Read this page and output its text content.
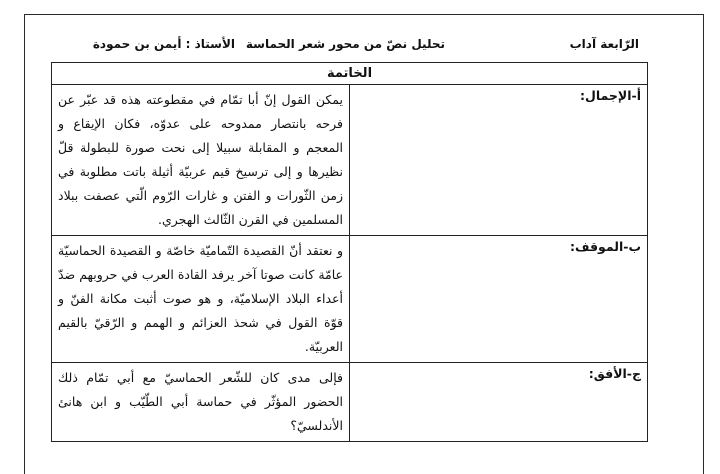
الرّابعة آداب
تحليل نصّ من محور شعر الحماسة
الأستاذ : أيمن بن حمودة
الخاتمة	
أ-الإجمال:	يمكن القول إنّ أبا تمّام في مقطوعته هذه قد عبّر عن فرحه بانتصار ممدوحه على عدوّه، فكان الإيقاع و المعجم و المقابلة سبيلا إلى نحت صورة للبطولة قلّ نظيرها و إلى ترسيخ قيم عربيّة أثيلة باتت مطلوبة في زمن الثّورات و الفتن و غارات الرّوم الّتي عصفت ببلاد المسلمين في القرن الثّالث الهجري.
ب-الموقف:	و نعتقد أنّ القصيدة التّماميّة خاصّة و القصيدة الحماسيّة عامّة كانت صوتا آخر يرفد القادة العرب في حروبهم ضدّ أعداء البلاد الإسلاميّة، و هو صوت أثبت مكانة الفنّ و قوّة القول في شحذ العزائم و الهمم و الرّقيّ بالقيم العربيّة.
ج-الأفق:	فإلى مدى كان للشّعر الحماسيّ مع أبي تمّام ذلك الحضور المؤثّر في حماسة أبي الطّيّب و ابن هانئ الأندلسيّ؟
